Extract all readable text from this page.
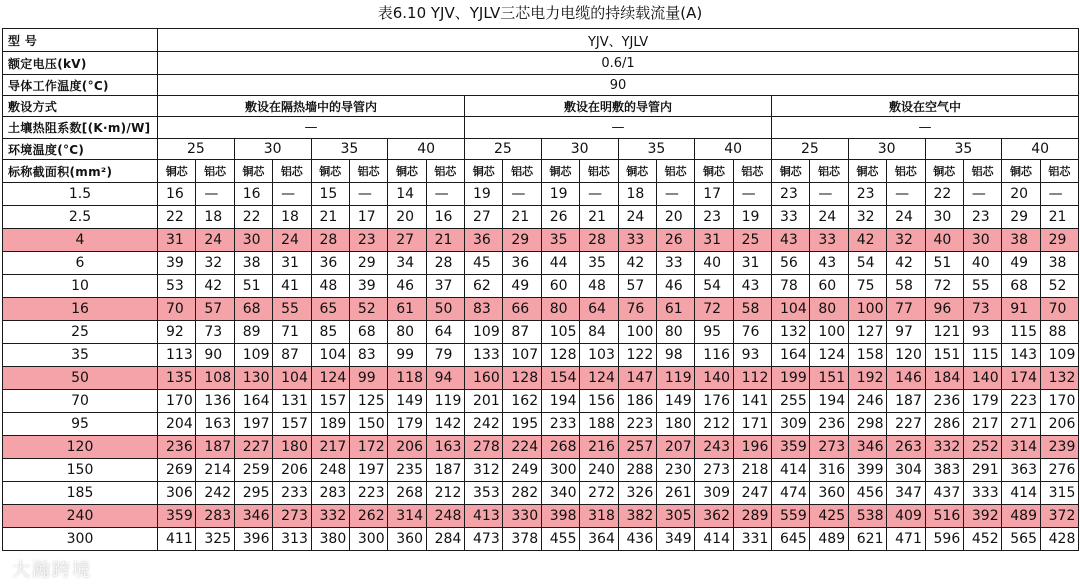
表6.10 YJV、YJLV三芯电力电缆的持续载流量(A)
型 号	YJV、YJLV																							
额定电压(kV)	0.6/1																							
导体工作温度(°C)	90																							
敷设方式	敷设在隔热墙中的导管内								敷设在明敷的导管内								敷设在空气中							
土壤热阻系数[(K·m)/W]	—								—								—							
环境温度(°C)	25		30		35		40		25		30		35		40		25		30		35		40	
标称截面积(mm²)	铜芯	铝芯	铜芯	铝芯	铜芯	铝芯	铜芯	铝芯	铜芯	铝芯	铜芯	铝芯	铜芯	铝芯	铜芯	铝芯	铜芯	铝芯	铜芯	铝芯	铜芯	铝芯	铜芯	铝芯
1.5	16	—	16	—	15	—	14	—	19	—	19	—	18	—	17	—	23	—	23	—	22	—	20	—
2.5	22	18	22	18	21	17	20	16	27	21	26	21	24	20	23	19	33	24	32	24	30	23	29	21
4	31	24	30	24	28	23	27	21	36	29	35	28	33	26	31	25	43	33	42	32	40	30	38	29
6	39	32	38	31	36	29	34	28	45	36	44	35	42	33	40	31	56	43	54	42	51	40	49	38
10	53	42	51	41	48	39	46	37	62	49	60	48	57	46	54	43	78	60	75	58	72	55	68	52
16	70	57	68	55	65	52	61	50	83	66	80	64	76	61	72	58	104	80	100	77	96	73	91	70
25	92	73	89	71	85	68	80	64	109	87	105	84	100	80	95	76	132	100	127	97	121	93	115	88
35	113	90	109	87	104	83	99	79	133	107	128	103	122	98	116	93	164	124	158	120	151	115	143	109
50	135	108	130	104	124	99	118	94	160	128	154	124	147	119	140	112	199	151	192	146	184	140	174	132
70	170	136	164	131	157	125	149	119	201	162	194	156	186	149	176	141	255	194	246	187	236	179	223	170
95	204	163	197	157	189	150	179	142	242	195	233	188	223	180	212	171	309	236	298	227	286	217	271	206
120	236	187	227	180	217	172	206	163	278	224	268	216	257	207	243	196	359	273	346	263	332	252	314	239
150	269	214	259	206	248	197	235	187	312	249	300	240	288	230	273	218	414	316	399	304	383	291	363	276
185	306	242	295	233	283	223	268	212	353	282	340	272	326	261	309	247	474	360	456	347	437	333	414	315
240	359	283	346	273	332	262	314	248	413	330	398	318	382	305	362	289	559	425	538	409	516	392	489	372
300	411	325	396	313	380	300	360	284	473	378	455	364	436	349	414	331	645	489	621	471	596	452	565	428
大瀚跨境
